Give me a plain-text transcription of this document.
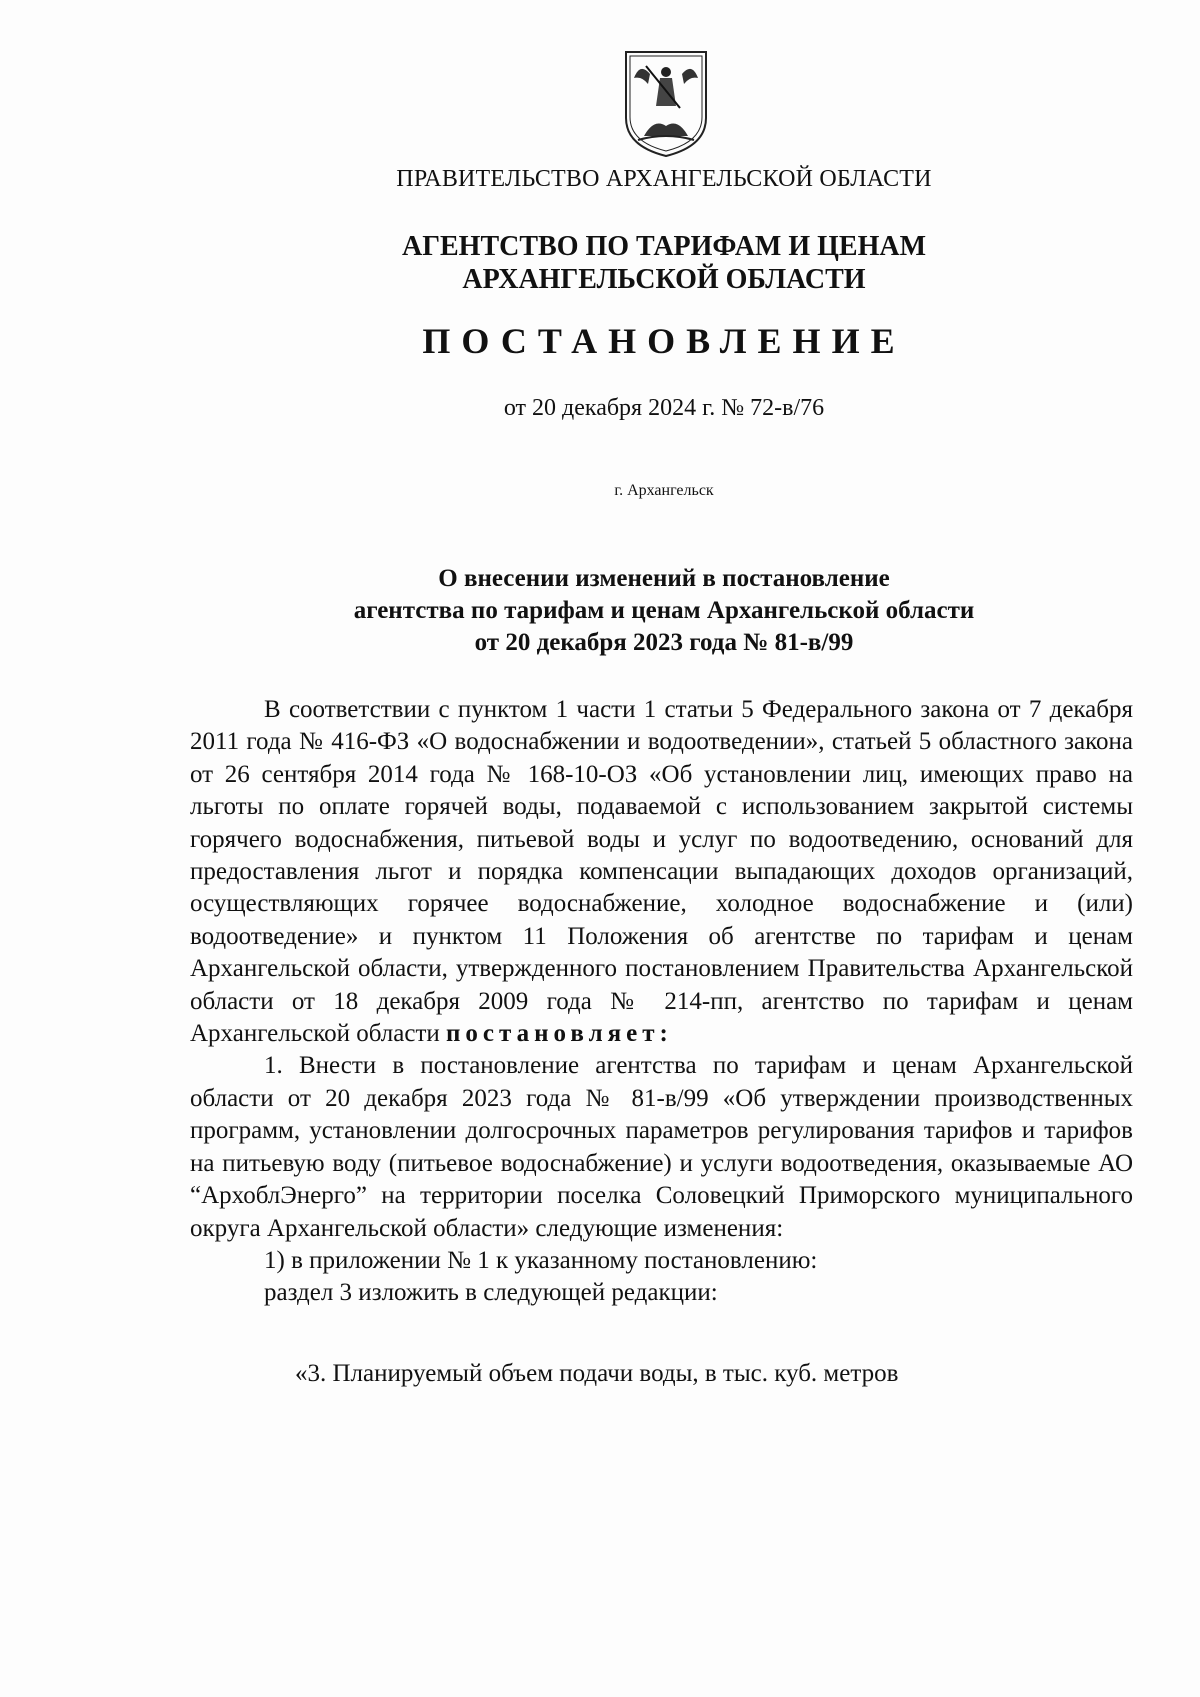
ПРАВИТЕЛЬСТВО АРХАНГЕЛЬСКОЙ ОБЛАСТИ
АГЕНТСТВО ПО ТАРИФАМ И ЦЕНАМ
АРХАНГЕЛЬСКОЙ ОБЛАСТИ
ПОСТАНОВЛЕНИЕ
от 20 декабря 2024 г. № 72-в/76
г. Архангельск
О внесении изменений в постановление
агентства по тарифам и ценам Архангельской области
от 20 декабря 2023 года № 81-в/99

В соответствии с пунктом 1 части 1 статьи 5 Федерального закона от 7 декабря 2011 года № 416-ФЗ «О водоснабжении и водоотведении», статьей 5 областного закона от 26 сентября 2014 года № 168-10-ОЗ «Об установлении лиц, имеющих право на льготы по оплате горячей воды, подаваемой с использованием закрытой системы горячего водоснабжения, питьевой воды и услуг по водоотведению, оснований для предоставления льгот и порядка компенсации выпадающих доходов организаций, осуществляющих горячее водоснабжение, холодное водоснабжение и (или) водоотведение» и пунктом 11 Положения об агентстве по тарифам и ценам Архангельской области, утвержденного постановлением Правительства Архангельской области от 18 декабря 2009 года № 214-пп, агентство по тарифам и ценам Архангельской области постановляет:

1. Внести в постановление агентства по тарифам и ценам Архангельской области от 20 декабря 2023 года № 81-в/99 «Об утверждении производственных программ, установлении долгосрочных параметров регулирования тарифов и тарифов на питьевую воду (питьевое водоснабжение) и услуги водоотведения, оказываемые АО “АрхоблЭнерго” на территории поселка Соловецкий Приморского муниципального округа Архангельской области» следующие изменения:

1) в приложении № 1 к указанному постановлению:

раздел 3 изложить в следующей редакции:

«3. Планируемый объем подачи воды, в тыс. куб. метров
